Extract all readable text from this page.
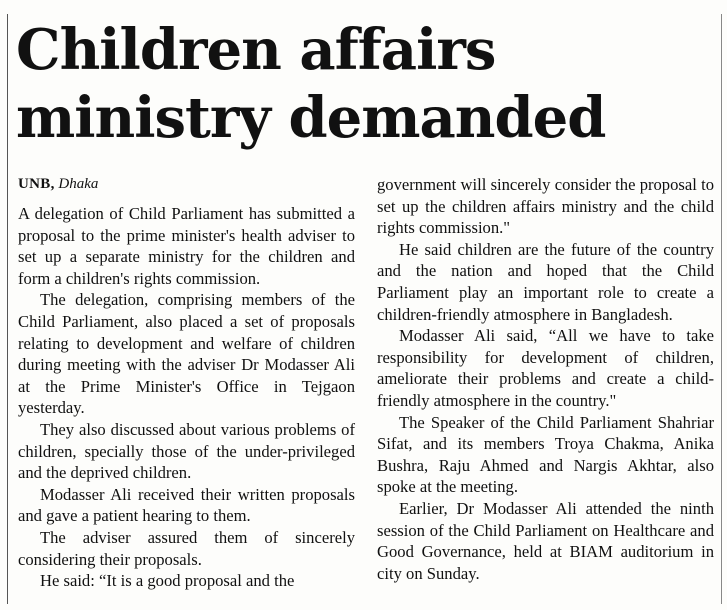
Children affairs ministry demanded
UNB, Dhaka

A delegation of Child Parliament has submitted a proposal to the prime minister's health adviser to set up a separate ministry for the children and form a children's rights commission.

The delegation, comprising members of the Child Parliament, also placed a set of proposals relating to development and welfare of children during meeting with the adviser Dr Modasser Ali at the Prime Minister's Office in Tejgaon yesterday.

They also discussed about various problems of children, specially those of the under-privileged and the deprived children.

Modasser Ali received their written proposals and gave a patient hearing to them.

The adviser assured them of sincerely considering their proposals.

He said: “It is a good proposal and the

government will sincerely consider the proposal to set up the children affairs ministry and the child rights commission."

He said children are the future of the country and the nation and hoped that the Child Parliament play an important role to create a children-friendly atmosphere in Bangladesh.

Modasser Ali said, “All we have to take responsibility for development of children, ameliorate their problems and create a child-friendly atmosphere in the country."

The Speaker of the Child Parliament Shahriar Sifat, and its members Troya Chakma, Anika Bushra, Raju Ahmed and Nargis Akhtar, also spoke at the meeting.

Earlier, Dr Modasser Ali attended the ninth session of the Child Parliament on Healthcare and Good Governance, held at BIAM auditorium in city on Sunday.
